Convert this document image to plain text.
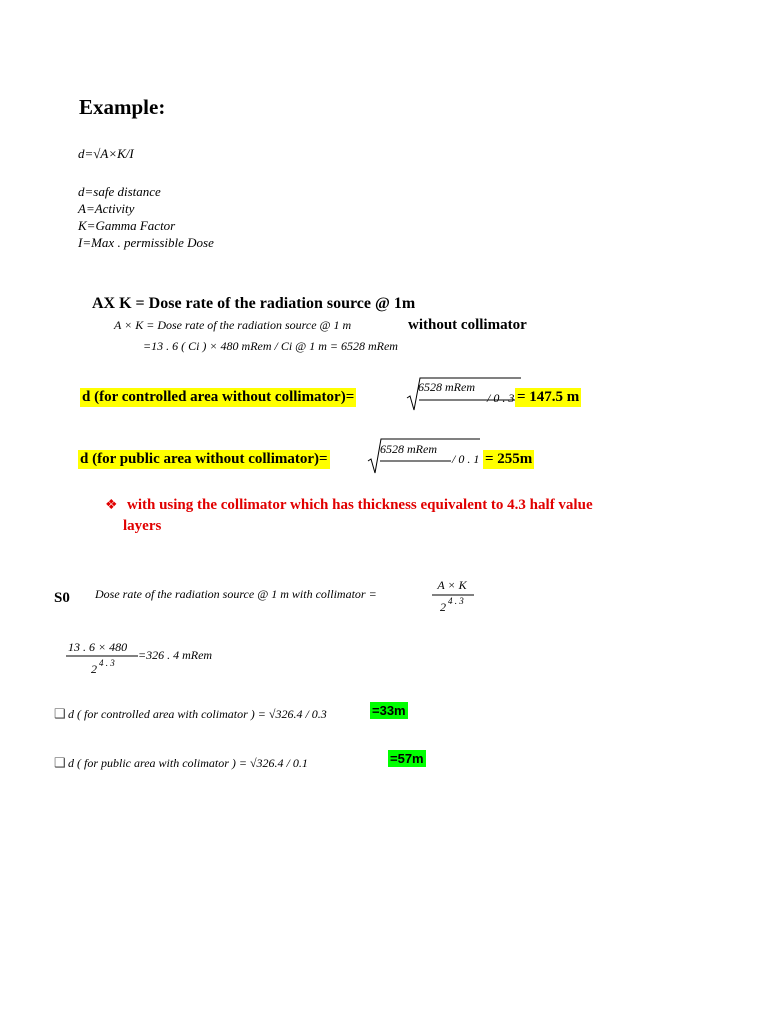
Example:
d=√A×K/I
d=safe distance
A=Activity
K=Gamma Factor
I=Max . permissible Dose
AX K = Dose rate of the radiation source @ 1m
A × K = Dose rate of the radiation source @ 1 m	without collimator
=13 . 6 ( Ci ) × 480 mRem / Ci @ 1 m = 6528 mRem
d (for controlled area without collimator)=
6528 mRem
/ 0 . 3 = 147.5 m
d (for public area without collimator)=
6528 mRem
/ 0 . 1 = 255m
❖ with using the collimator which has thickness equivalent to 4.3 half value
layers
S0 Dose rate of the radiation source @ 1 m with collimator =
A × K
2 4 . 3
13 . 6 × 480
2 4 . 3
=326 . 4 mRem
❑ d ( for controlled area with colimator ) = √326.4 / 0.3	=33m
❑ d ( for public area with colimator ) = √326.4 / 0.1	=57m
